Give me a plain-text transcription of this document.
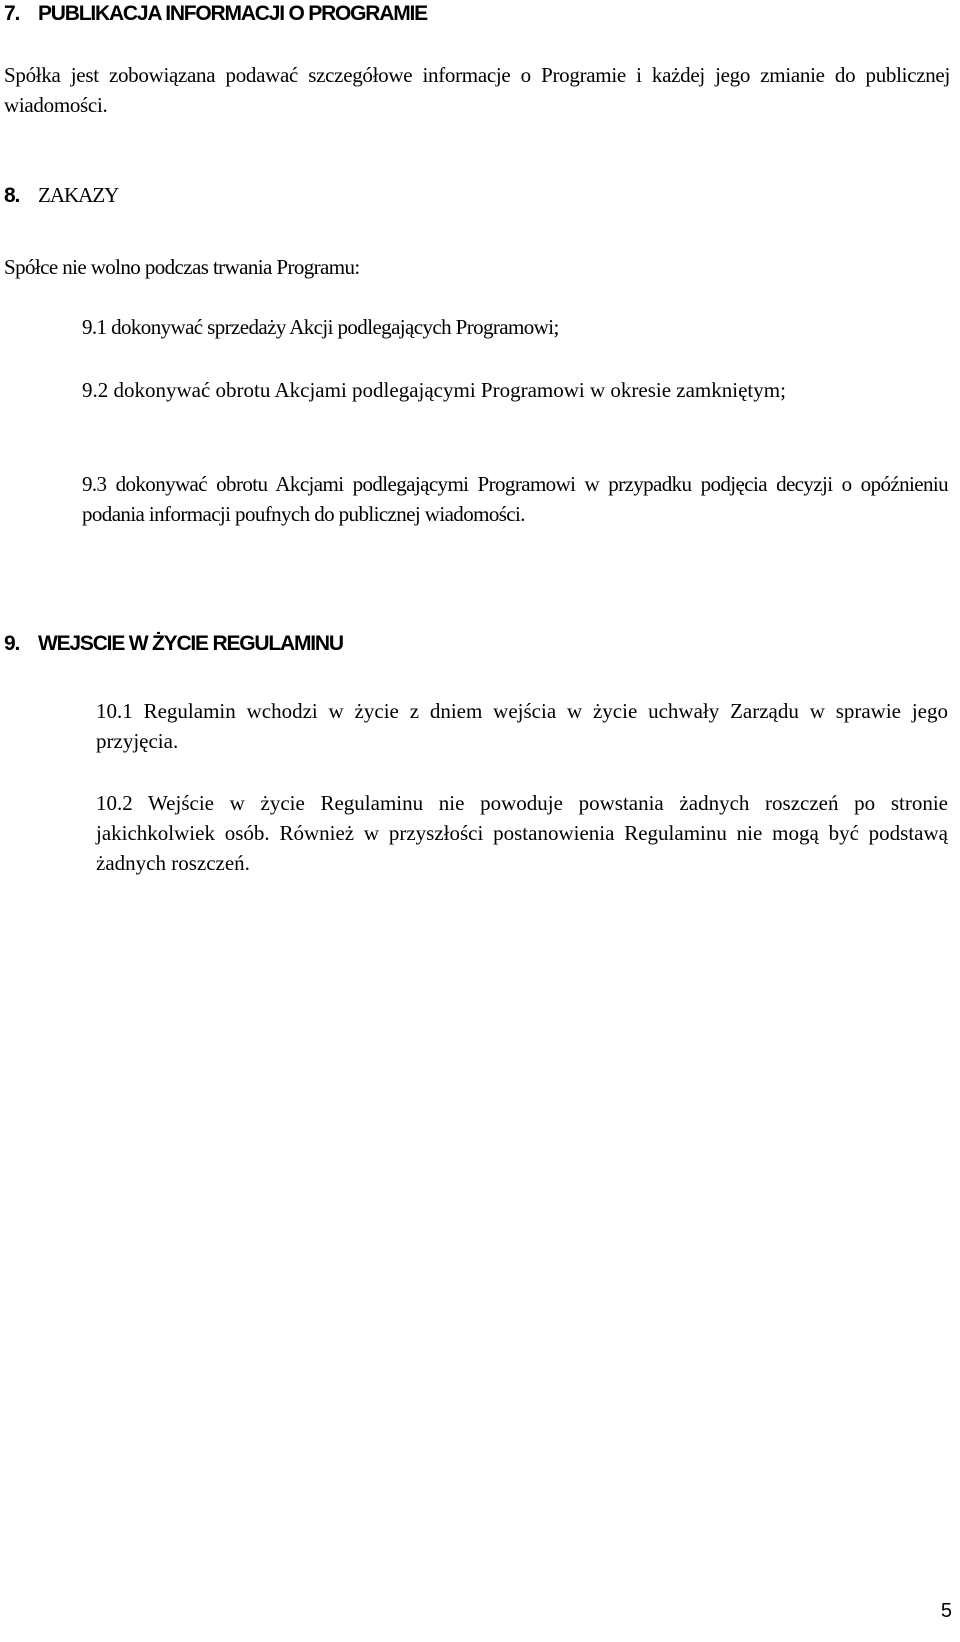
7. PUBLIKACJA INFORMACJI O PROGRAMIE

Spółka jest zobowiązana podawać szczegółowe informacje o Programie i każdej jego zmianie do publicznej wiadomości.

8. ZAKAZY

Spółce nie wolno podczas trwania Programu:

9.1 dokonywać sprzedaży Akcji podlegających Programowi;

9.2 dokonywać obrotu Akcjami podlegającymi Programowi w okresie zamkniętym;

9.3 dokonywać obrotu Akcjami podlegającymi Programowi w przypadku podjęcia decyzji o opóźnieniu podania informacji poufnych do publicznej wiadomości.

9. WEJSCIE W ŻYCIE REGULAMINU

10.1 Regulamin wchodzi w życie z dniem wejścia w życie uchwały Zarządu w sprawie jego przyjęcia.

10.2 Wejście w życie Regulaminu nie powoduje powstania żadnych roszczeń po stronie jakichkolwiek osób. Również w przyszłości postanowienia Regulaminu nie mogą być podstawą żadnych roszczeń.

5
